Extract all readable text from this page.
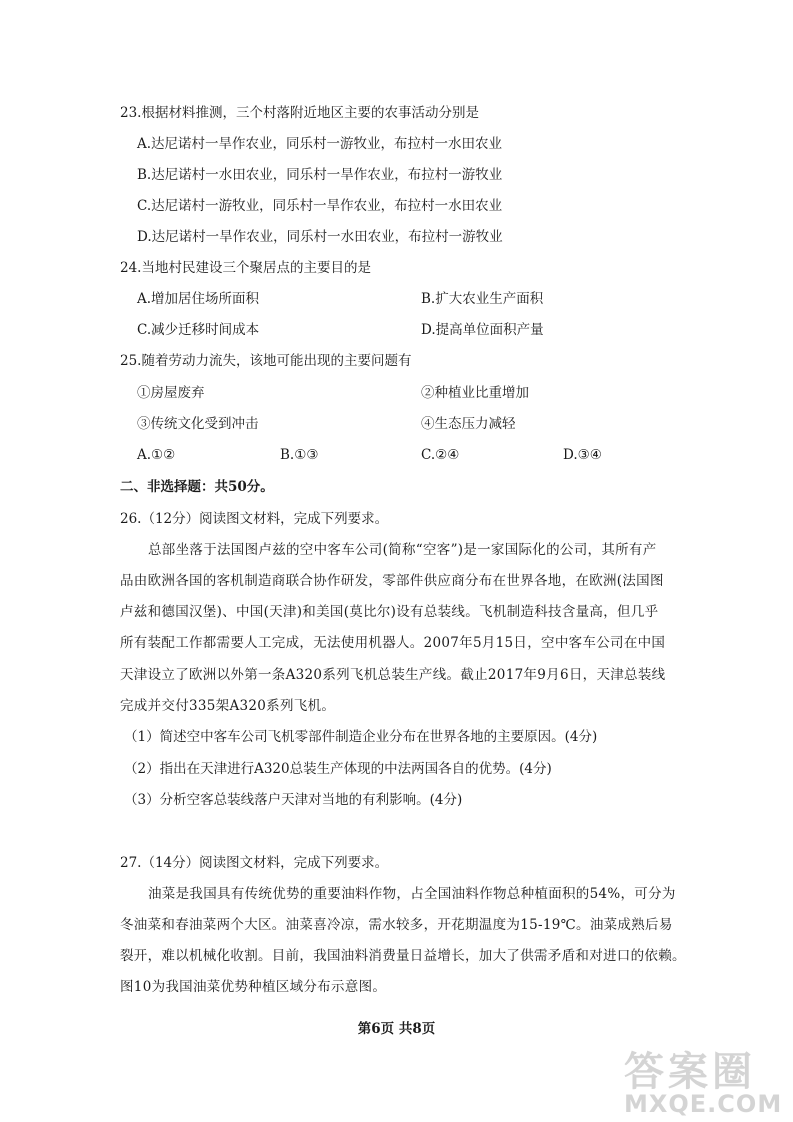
23.根据材料推测，三个村落附近地区主要的农事活动分别是
A.达尼诺村一旱作农业，同乐村一游牧业，布拉村一水田农业
B.达尼诺村一水田农业，同乐村一旱作农业，布拉村一游牧业
C.达尼诺村一游牧业，同乐村一旱作农业，布拉村一水田农业
D.达尼诺村一旱作农业，同乐村一水田农业，布拉村一游牧业
24.当地村民建设三个聚居点的主要目的是
A.增加居住场所面积	B.扩大农业生产面积
C.减少迁移时间成本	D.提高单位面积产量
25.随着劳动力流失，该地可能出现的主要问题有
①房屋废弃	②种植业比重增加
③传统文化受到冲击	④生态压力减轻
A.①②	B.①③	C.②④	D.③④
二、非选择题：共50分。
26.（12分）阅读图文材料，完成下列要求。
总部坐落于法国图卢兹的空中客车公司(简称“空客”)是一家国际化的公司，其所有产
品由欧洲各国的客机制造商联合协作研发，零部件供应商分布在世界各地，在欧洲(法国图
卢兹和德国汉堡)、中国(天津)和美国(莫比尔)设有总装线。飞机制造科技含量高，但几乎
所有装配工作都需要人工完成，无法使用机器人。2007年5月15日，空中客车公司在中国
天津设立了欧洲以外第一条A320系列飞机总装生产线。截止2017年9月6日，天津总装线
完成并交付335架A320系列飞机。
（1）简述空中客车公司飞机零部件制造企业分布在世界各地的主要原因。(4分)
（2）指出在天津进行A320总装生产体现的中法两国各自的优势。(4分)
（3）分析空客总装线落户天津对当地的有利影响。(4分)
27.（14分）阅读图文材料，完成下列要求。
油菜是我国具有传统优势的重要油料作物，占全国油料作物总种植面积的54%，可分为
冬油菜和春油菜两个大区。油菜喜冷凉，需水较多，开花期温度为15-19℃。油菜成熟后易
裂开，难以机械化收割。目前，我国油料消费量日益增长，加大了供需矛盾和对进口的依赖。
图10为我国油菜优势种植区域分布示意图。
第6页 共8页
答案圈
MXQE.COM
